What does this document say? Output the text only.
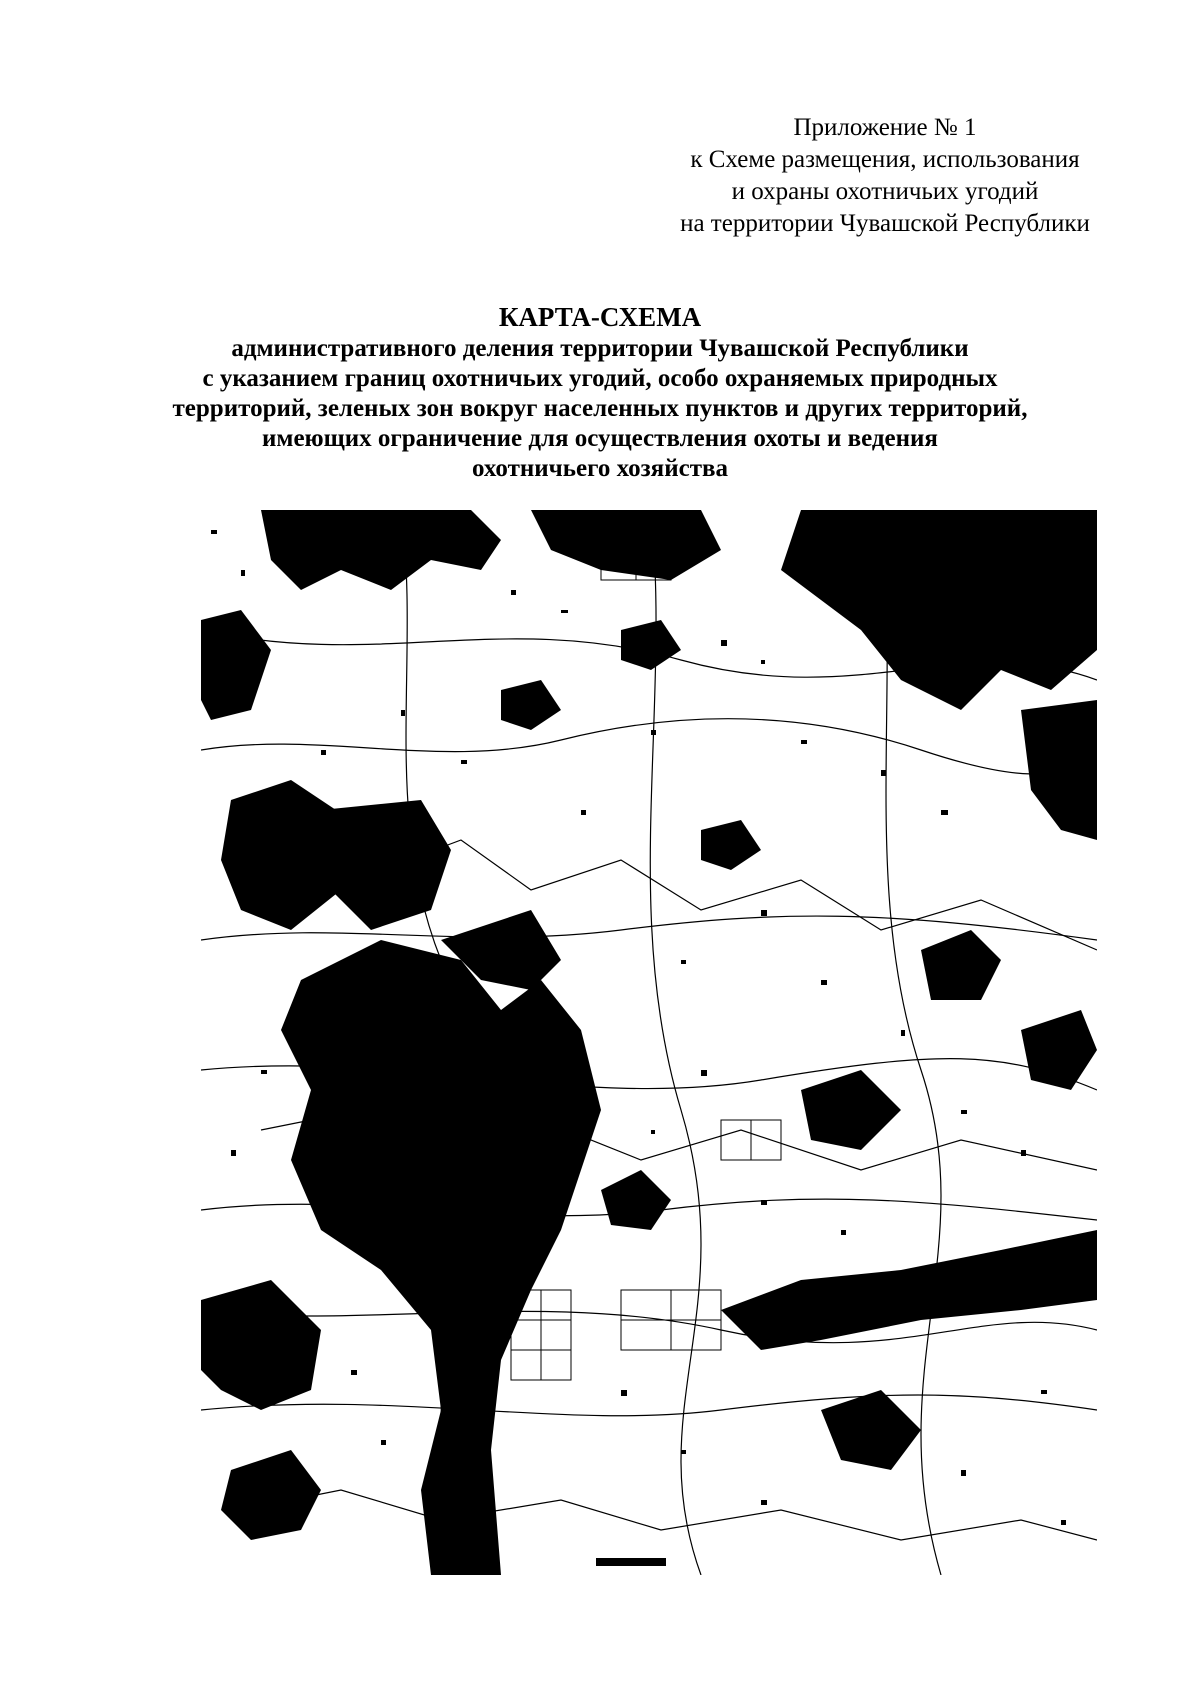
Приложение № 1
к Схеме размещения, использования
и охраны охотничьих угодий
на территории Чувашской Республики
КАРТА-СХЕМА
административного деления территории Чувашской Республики
с указанием границ охотничьих угодий, особо охраняемых природных
территорий, зеленых зон вокруг населенных пунктов и других территорий,
имеющих ограничение для осуществления охоты и ведения
охотничьего хозяйства
